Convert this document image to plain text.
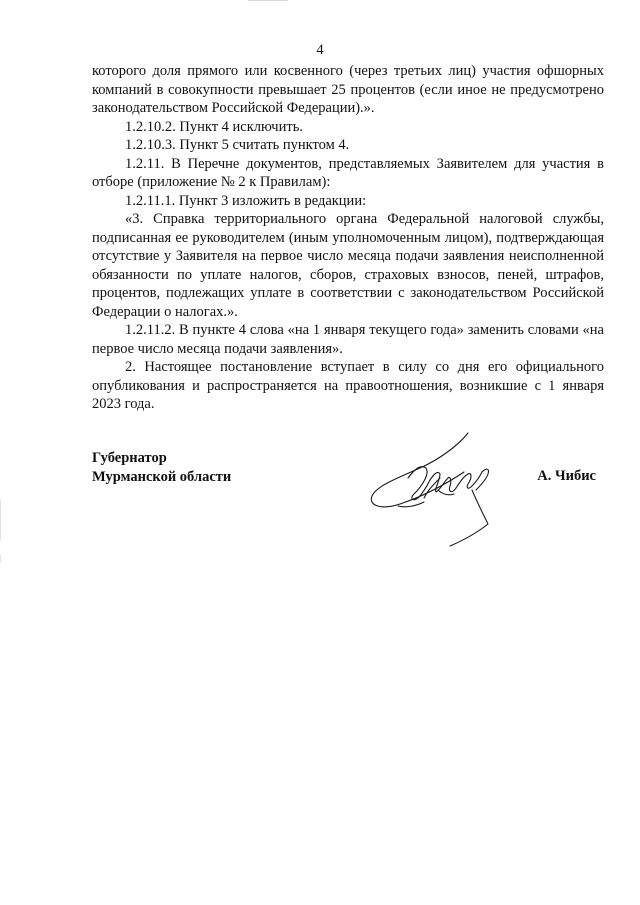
4

которого доля прямого или косвенного (через третьих лиц) участия офшорных компаний в совокупности превышает 25 процентов (если иное не предусмотрено законодательством Российской Федерации).».

1.2.10.2. Пункт 4 исключить.

1.2.10.3. Пункт 5 считать пунктом 4.

1.2.11. В Перечне документов, представляемых Заявителем для участия в отборе (приложение № 2 к Правилам):

1.2.11.1. Пункт 3 изложить в редакции:

«3. Справка территориального органа Федеральной налоговой службы, подписанная ее руководителем (иным уполномоченным лицом), подтверждающая отсутствие у Заявителя на первое число месяца подачи заявления неисполненной обязанности по уплате налогов, сборов, страховых взносов, пеней, штрафов, процентов, подлежащих уплате в соответствии с законодательством Российской Федерации о налогах.».

1.2.11.2. В пункте 4 слова «на 1 января текущего года» заменить словами «на первое число месяца подачи заявления».

2. Настоящее постановление вступает в силу со дня его официального опубликования и распространяется на правоотношения, возникшие с 1 января 2023 года.

Губернатор
Мурманской области	А. Чибис
